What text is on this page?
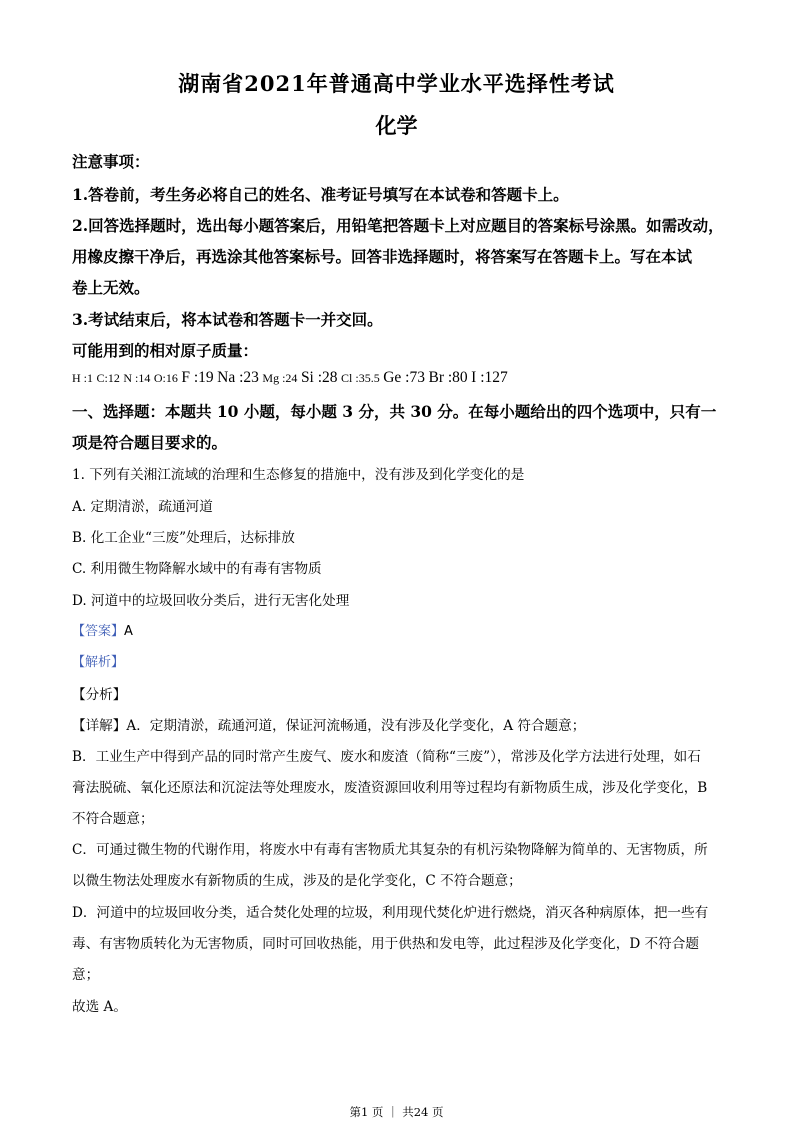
湖南省2021年普通高中学业水平选择性考试
化学
注意事项：
1.答卷前，考生务必将自己的姓名、准考证号填写在本试卷和答题卡上。
2.回答选择题时，选出每小题答案后，用铅笔把答题卡上对应题目的答案标号涂黑。如需改动，
用橡皮擦干净后，再选涂其他答案标号。回答非选择题时，将答案写在答题卡上。写在本试
卷上无效。
3.考试结束后，将本试卷和答题卡一并交回。
可能用到的相对原子质量：
H :1 C:12 N :14 O:16 F :19 Na :23 Mg :24 Si :28 Cl :35.5 Ge :73 Br :80 I :127
一、选择题：本题共 10 小题，每小题 3 分，共 30 分。在每小题给出的四个选项中，只有一
项是符合题目要求的。
1. 下列有关湘江流域的治理和生态修复的措施中，没有涉及到化学变化的是
A. 定期清淤，疏通河道
B. 化工企业“三废”处理后，达标排放
C. 利用微生物降解水域中的有毒有害物质
D. 河道中的垃圾回收分类后，进行无害化处理
【答案】A
【解析】
【分析】
【详解】A．定期清淤，疏通河道，保证河流畅通，没有涉及化学变化，A 符合题意；
B．工业生产中得到产品的同时常产生废气、废水和废渣（简称“三废”），常涉及化学方法进行处理，如石
膏法脱硫、氧化还原法和沉淀法等处理废水，废渣资源回收利用等过程均有新物质生成，涉及化学变化，B
不符合题意；
C．可通过微生物的代谢作用，将废水中有毒有害物质尤其复杂的有机污染物降解为简单的、无害物质，所
以微生物法处理废水有新物质的生成，涉及的是化学变化，C 不符合题意；
D．河道中的垃圾回收分类，适合焚化处理的垃圾，利用现代焚化炉进行燃烧，消灭各种病原体，把一些有
毒、有害物质转化为无害物质，同时可回收热能，用于供热和发电等，此过程涉及化学变化，D 不符合题
意；
故选 A。
第1 页 ｜ 共24 页
